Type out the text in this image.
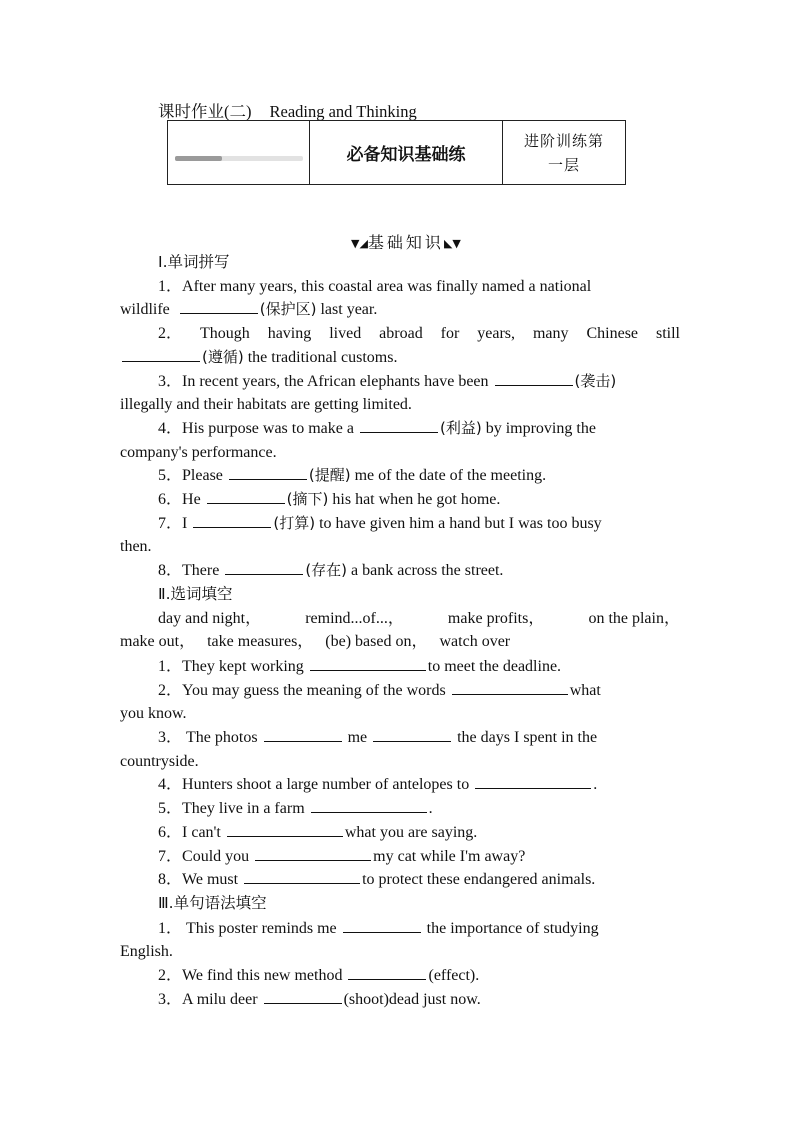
课时作业(二) Reading and Thinking
	必备知识基础练	
进阶训练第
一层
▼◢基础知识◣▼
Ⅰ.单词拼写
1．After many years, this coastal area was finally named a national
wildlife
	(保护区)
last year.
2． Though having lived abroad for years, many Chinese still
(遵循)
the traditional customs.
3． In recent years, the African elephants have been
	(袭击)
illegally and their habitats are getting limited.
4． His purpose was to make a
	(利益)
by improving the
company's performance.
5． Please
	(提醒)
me of the date of the meeting.
6． He
	(摘下)
his hat when he got home.
7． I
	(打算)
to have given him a hand but I was too busy
then.
8． There
	(存在)
a bank across the street.
Ⅱ.选词填空
day and night，	remind...of...，	make profits，	on the plain，
make out，
take measures，
(be) based on，
watch over
1． They kept working
	to meet the deadline.
2． You may guess the meaning of the words
	what
you know.
3．
The photos

	me

	the days I spent in the
countryside.
4． Hunters shoot a large number of antelopes to
	.
5． They live in a farm
	.
6． I can't
	what you are saying.
7． Could you
	my cat while I'm away?
8． We must
	to protect these endangered animals.
Ⅲ.单句语法填空
1．
This poster reminds me

	the importance of studying
English.
2． We find this new method
	(effect).
3． A milu deer
	(shoot)dead just now.
